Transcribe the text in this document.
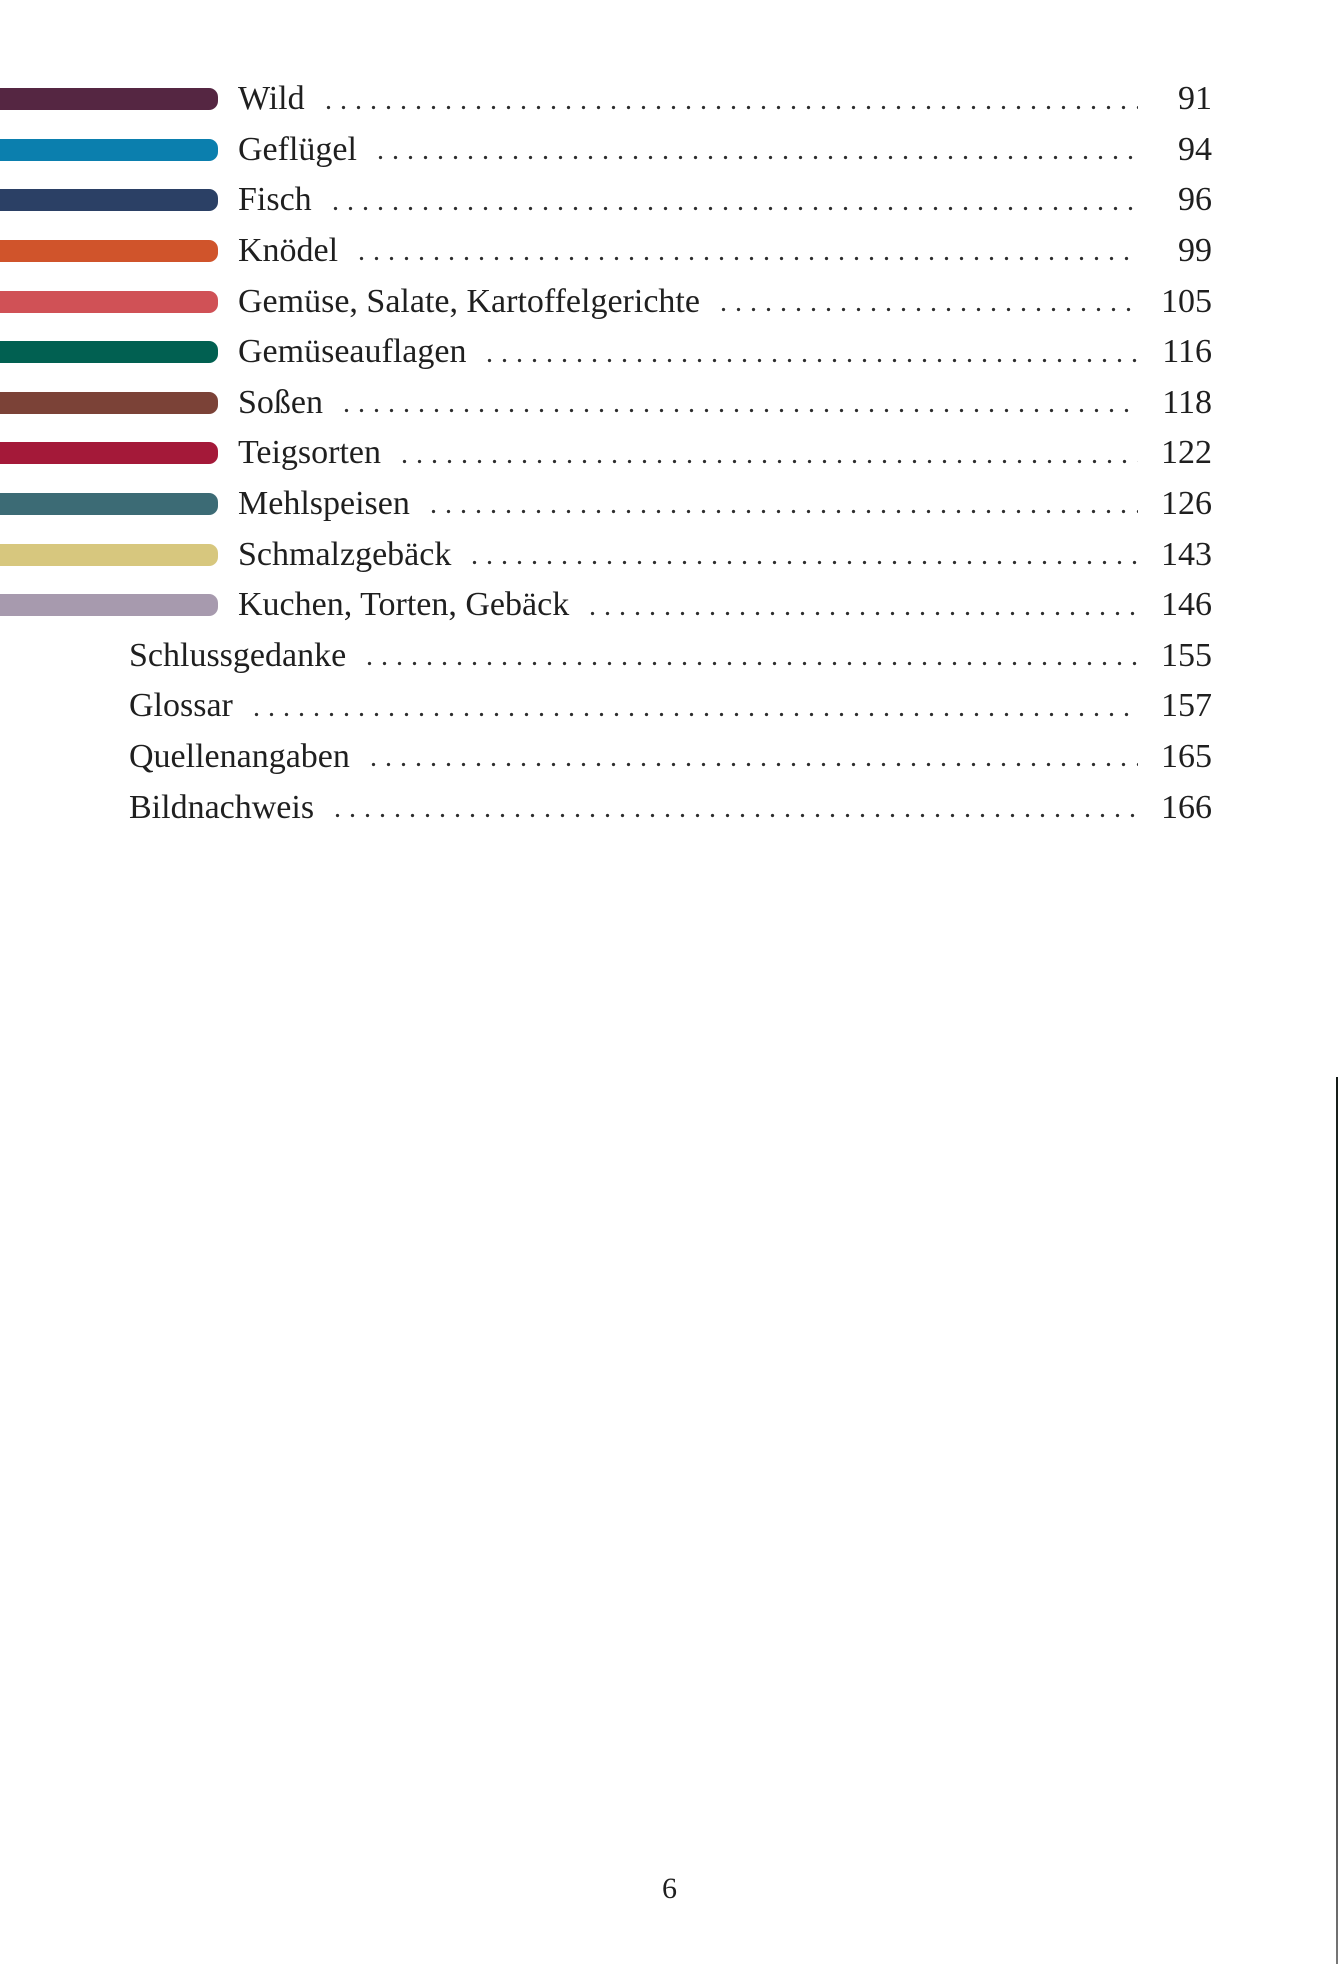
Wild	91
Geflügel	94
Fisch	96
Knödel	99
Gemüse, Salate, Kartoffelgerichte	105
Gemüseauflagen	116
Soßen	118
Teigsorten	122
Mehlspeisen	126
Schmalzgebäck	143
Kuchen, Torten, Gebäck	146
Schlussgedanke	155
Glossar	157
Quellenangaben	165
Bildnachweis	166
6
